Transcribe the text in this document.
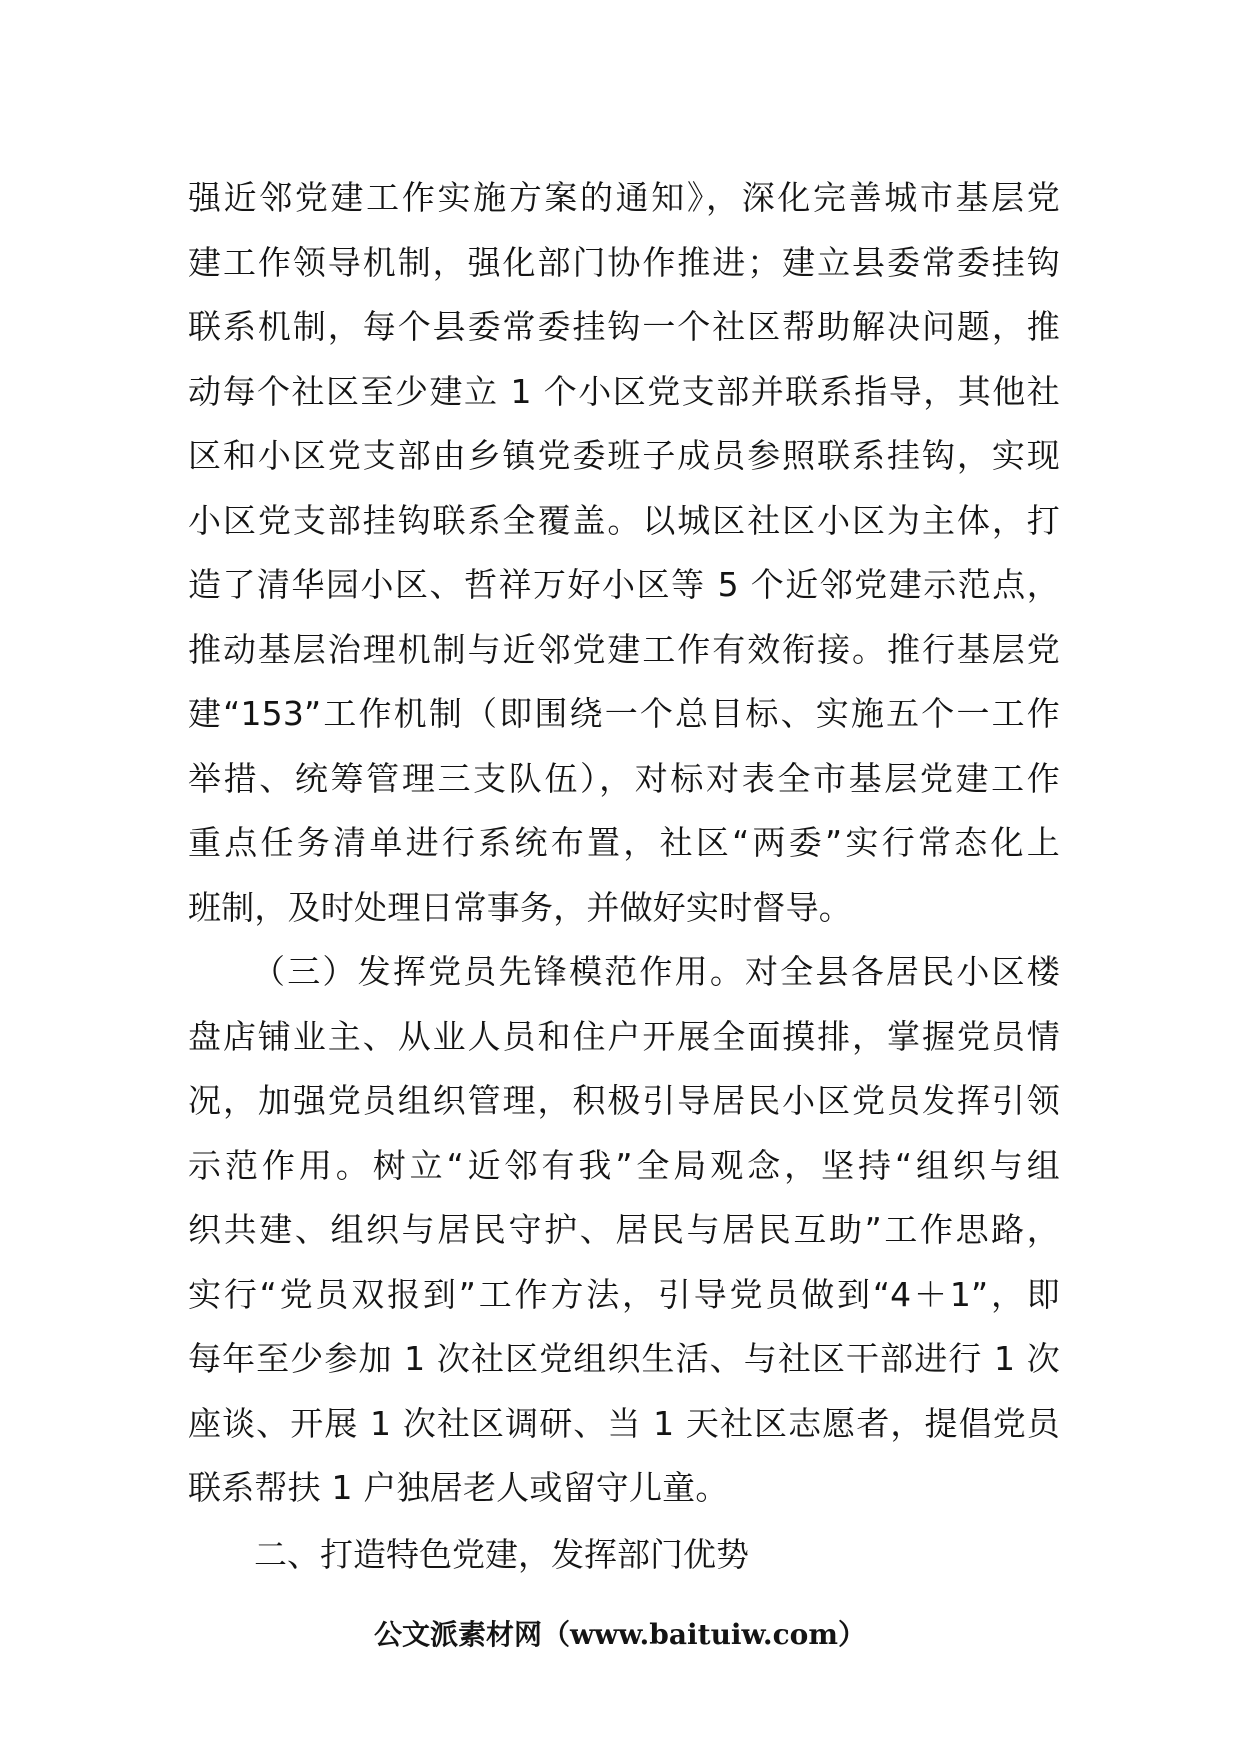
强近邻党建工作实施方案的通知》，深化完善城市基层党
建工作领导机制，强化部门协作推进；建立县委常委挂钩
联系机制，每个县委常委挂钩一个社区帮助解决问题，推
动每个社区至少建立 1 个小区党支部并联系指导，其他社
区和小区党支部由乡镇党委班子成员参照联系挂钩，实现
小区党支部挂钩联系全覆盖。以城区社区小区为主体，打
造了清华园小区、哲祥万好小区等 5 个近邻党建示范点，
推动基层治理机制与近邻党建工作有效衔接。推行基层党
建“153”工作机制（即围绕一个总目标、实施五个一工作
举措、统筹管理三支队伍），对标对表全市基层党建工作
重点任务清单进行系统布置，社区“两委”实行常态化上
班制，及时处理日常事务，并做好实时督导。
（三）发挥党员先锋模范作用。对全县各居民小区楼
盘店铺业主、从业人员和住户开展全面摸排，掌握党员情
况，加强党员组织管理，积极引导居民小区党员发挥引领
示范作用。树立“近邻有我”全局观念，坚持“组织与组
织共建、组织与居民守护、居民与居民互助”工作思路，
实行“党员双报到”工作方法，引导党员做到“4＋1”，即
每年至少参加 1 次社区党组织生活、与社区干部进行 1 次
座谈、开展 1 次社区调研、当 1 天社区志愿者，提倡党员
联系帮扶 1 户独居老人或留守儿童。
二、打造特色党建，发挥部门优势
公文派素材网（www.baituiw.com）
